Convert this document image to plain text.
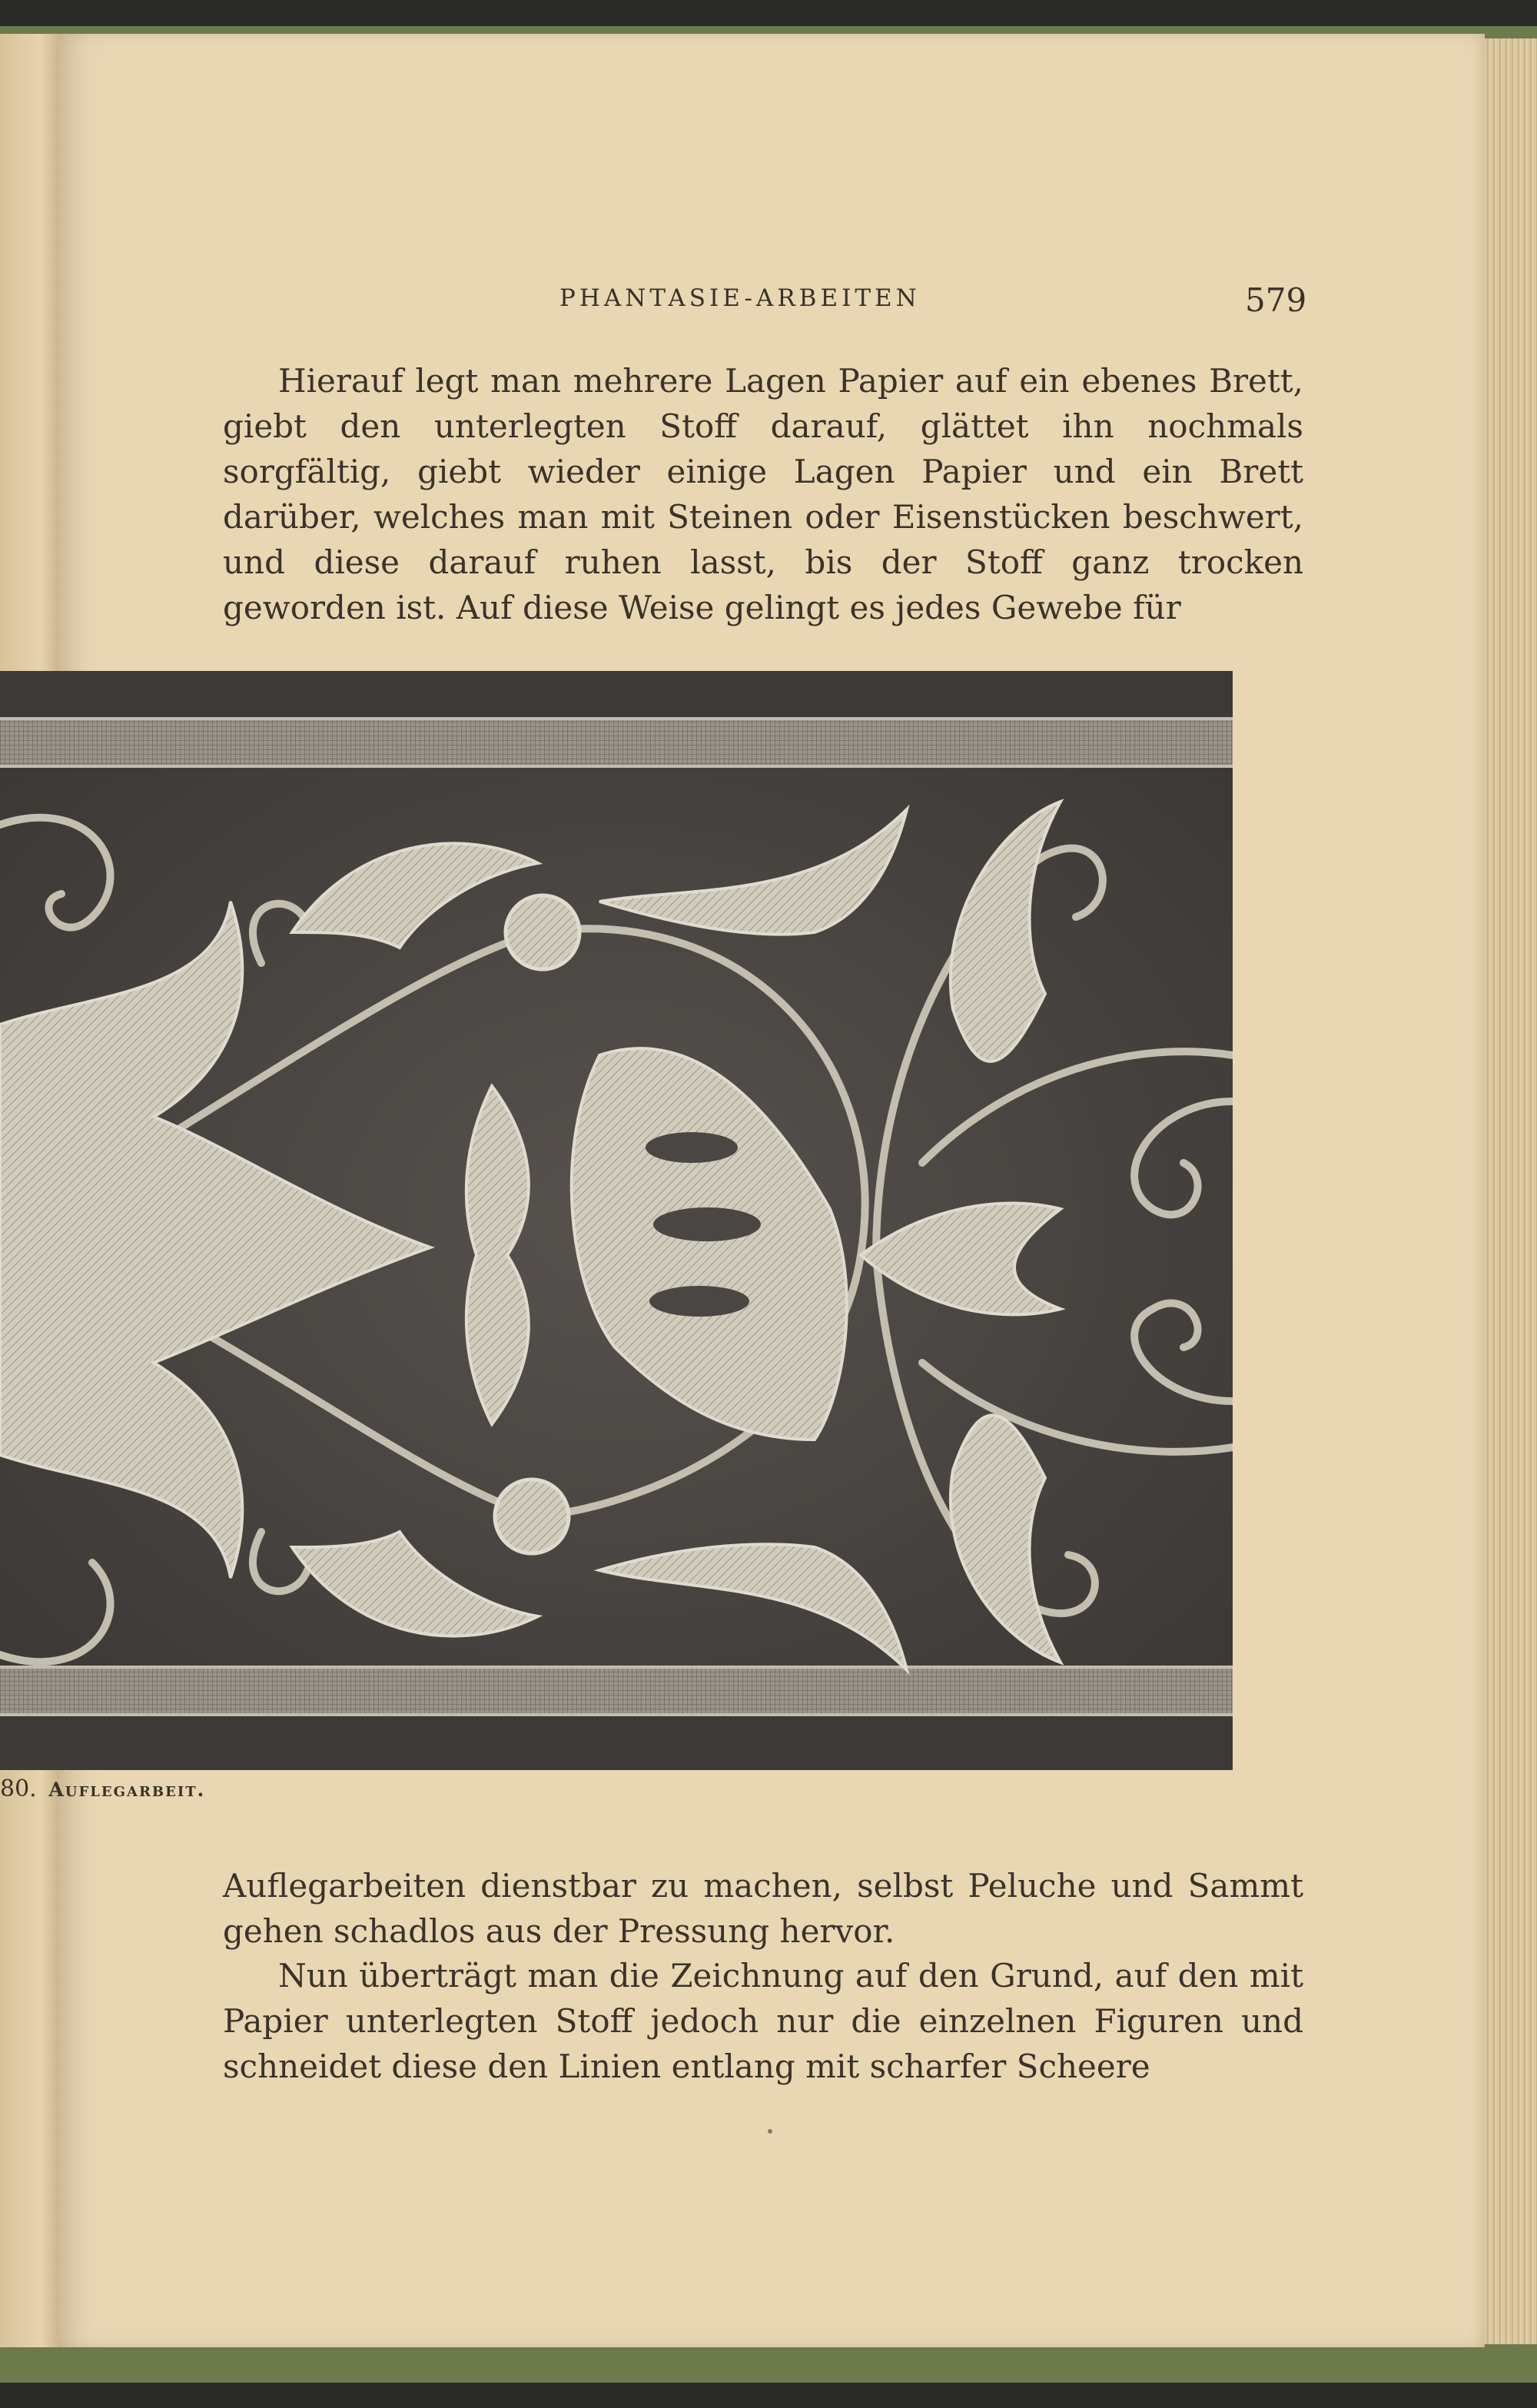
PHANTASIE-ARBEITEN	579

Hierauf legt man mehrere Lagen Papier auf ein ebenes Brett, giebt den unterlegten Stoff darauf, glättet ihn nochmals sorgfältig, giebt wieder einige Lagen Papier und ein Brett darüber, welches man mit Steinen oder Eisenstücken beschwert, und diese darauf ruhen lasst, bis der Stoff ganz trocken geworden ist. Auf diese Weise gelingt es jedes Gewebe für

80. Auflegarbeit.

Auflegarbeiten dienstbar zu machen, selbst Peluche und Sammt gehen schadlos aus der Pressung hervor.

Nun überträgt man die Zeichnung auf den Grund, auf den mit Papier unterlegten Stoff jedoch nur die einzelnen Figuren und schneidet diese den Linien entlang mit scharfer Scheere
